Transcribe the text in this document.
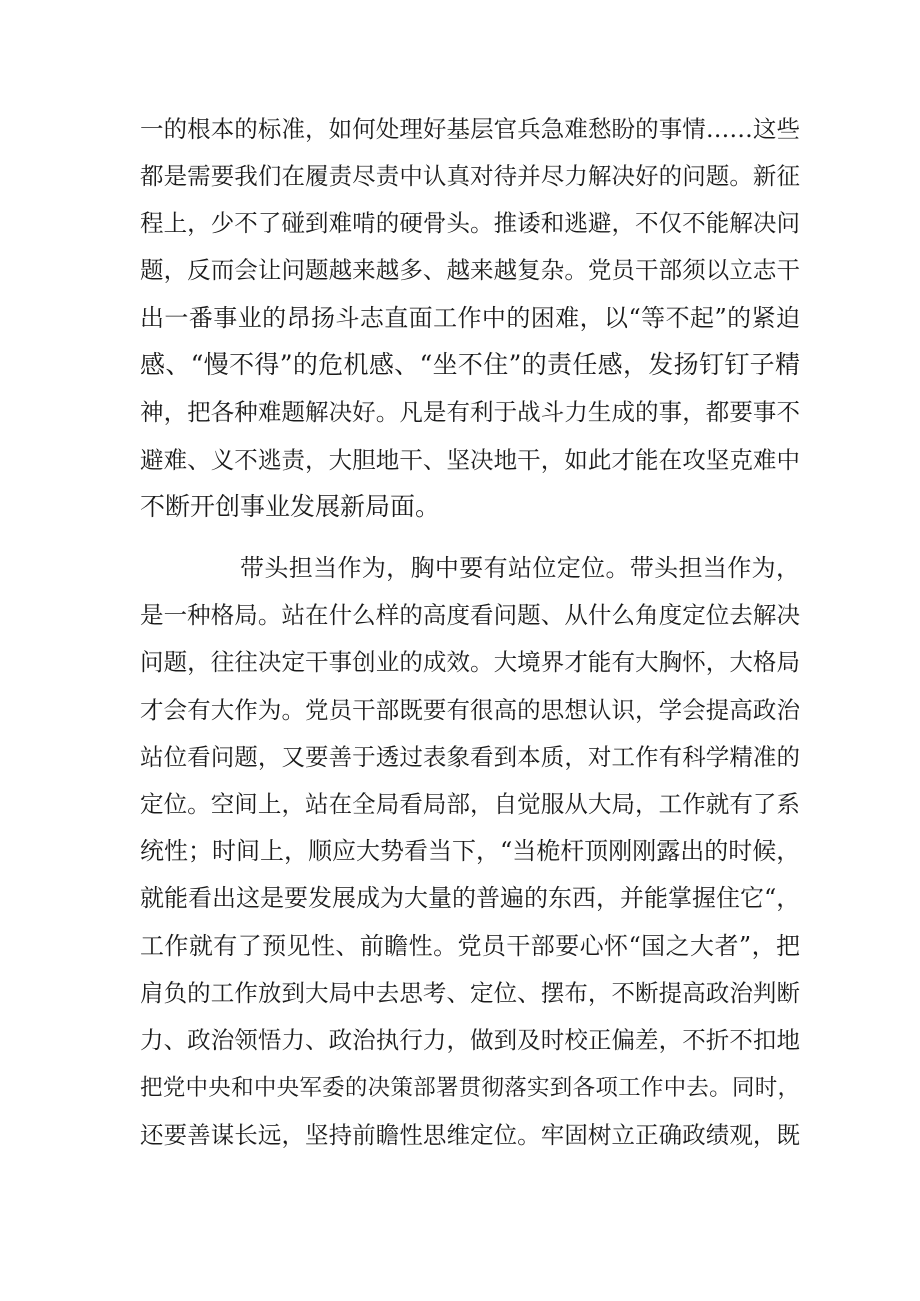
一的根本的标准，如何处理好基层官兵急难愁盼的事情……这些
都是需要我们在履责尽责中认真对待并尽力解决好的问题。新征
程上，少不了碰到难啃的硬骨头。推诿和逃避，不仅不能解决问
题，反而会让问题越来越多、越来越复杂。党员干部须以立志干
出一番事业的昂扬斗志直面工作中的困难，以“等不起”的紧迫
感、“慢不得”的危机感、“坐不住”的责任感，发扬钉钉子精
神，把各种难题解决好。凡是有利于战斗力生成的事，都要事不
避难、义不逃责，大胆地干、坚决地干，如此才能在攻坚克难中
不断开创事业发展新局面。
带头担当作为，胸中要有站位定位。带头担当作为，
是一种格局。站在什么样的高度看问题、从什么角度定位去解决
问题，往往决定干事创业的成效。大境界才能有大胸怀，大格局
才会有大作为。党员干部既要有很高的思想认识，学会提高政治
站位看问题，又要善于透过表象看到本质，对工作有科学精准的
定位。空间上，站在全局看局部，自觉服从大局，工作就有了系
统性；时间上，顺应大势看当下，“当桅杆顶刚刚露出的时候，
就能看出这是要发展成为大量的普遍的东西，并能掌握住它“，
工作就有了预见性、前瞻性。党员干部要心怀“国之大者”，把
肩负的工作放到大局中去思考、定位、摆布，不断提高政治判断
力、政治领悟力、政治执行力，做到及时校正偏差，不折不扣地
把党中央和中央军委的决策部署贯彻落实到各项工作中去。同时，
还要善谋长远，坚持前瞻性思维定位。牢固树立正确政绩观，既
